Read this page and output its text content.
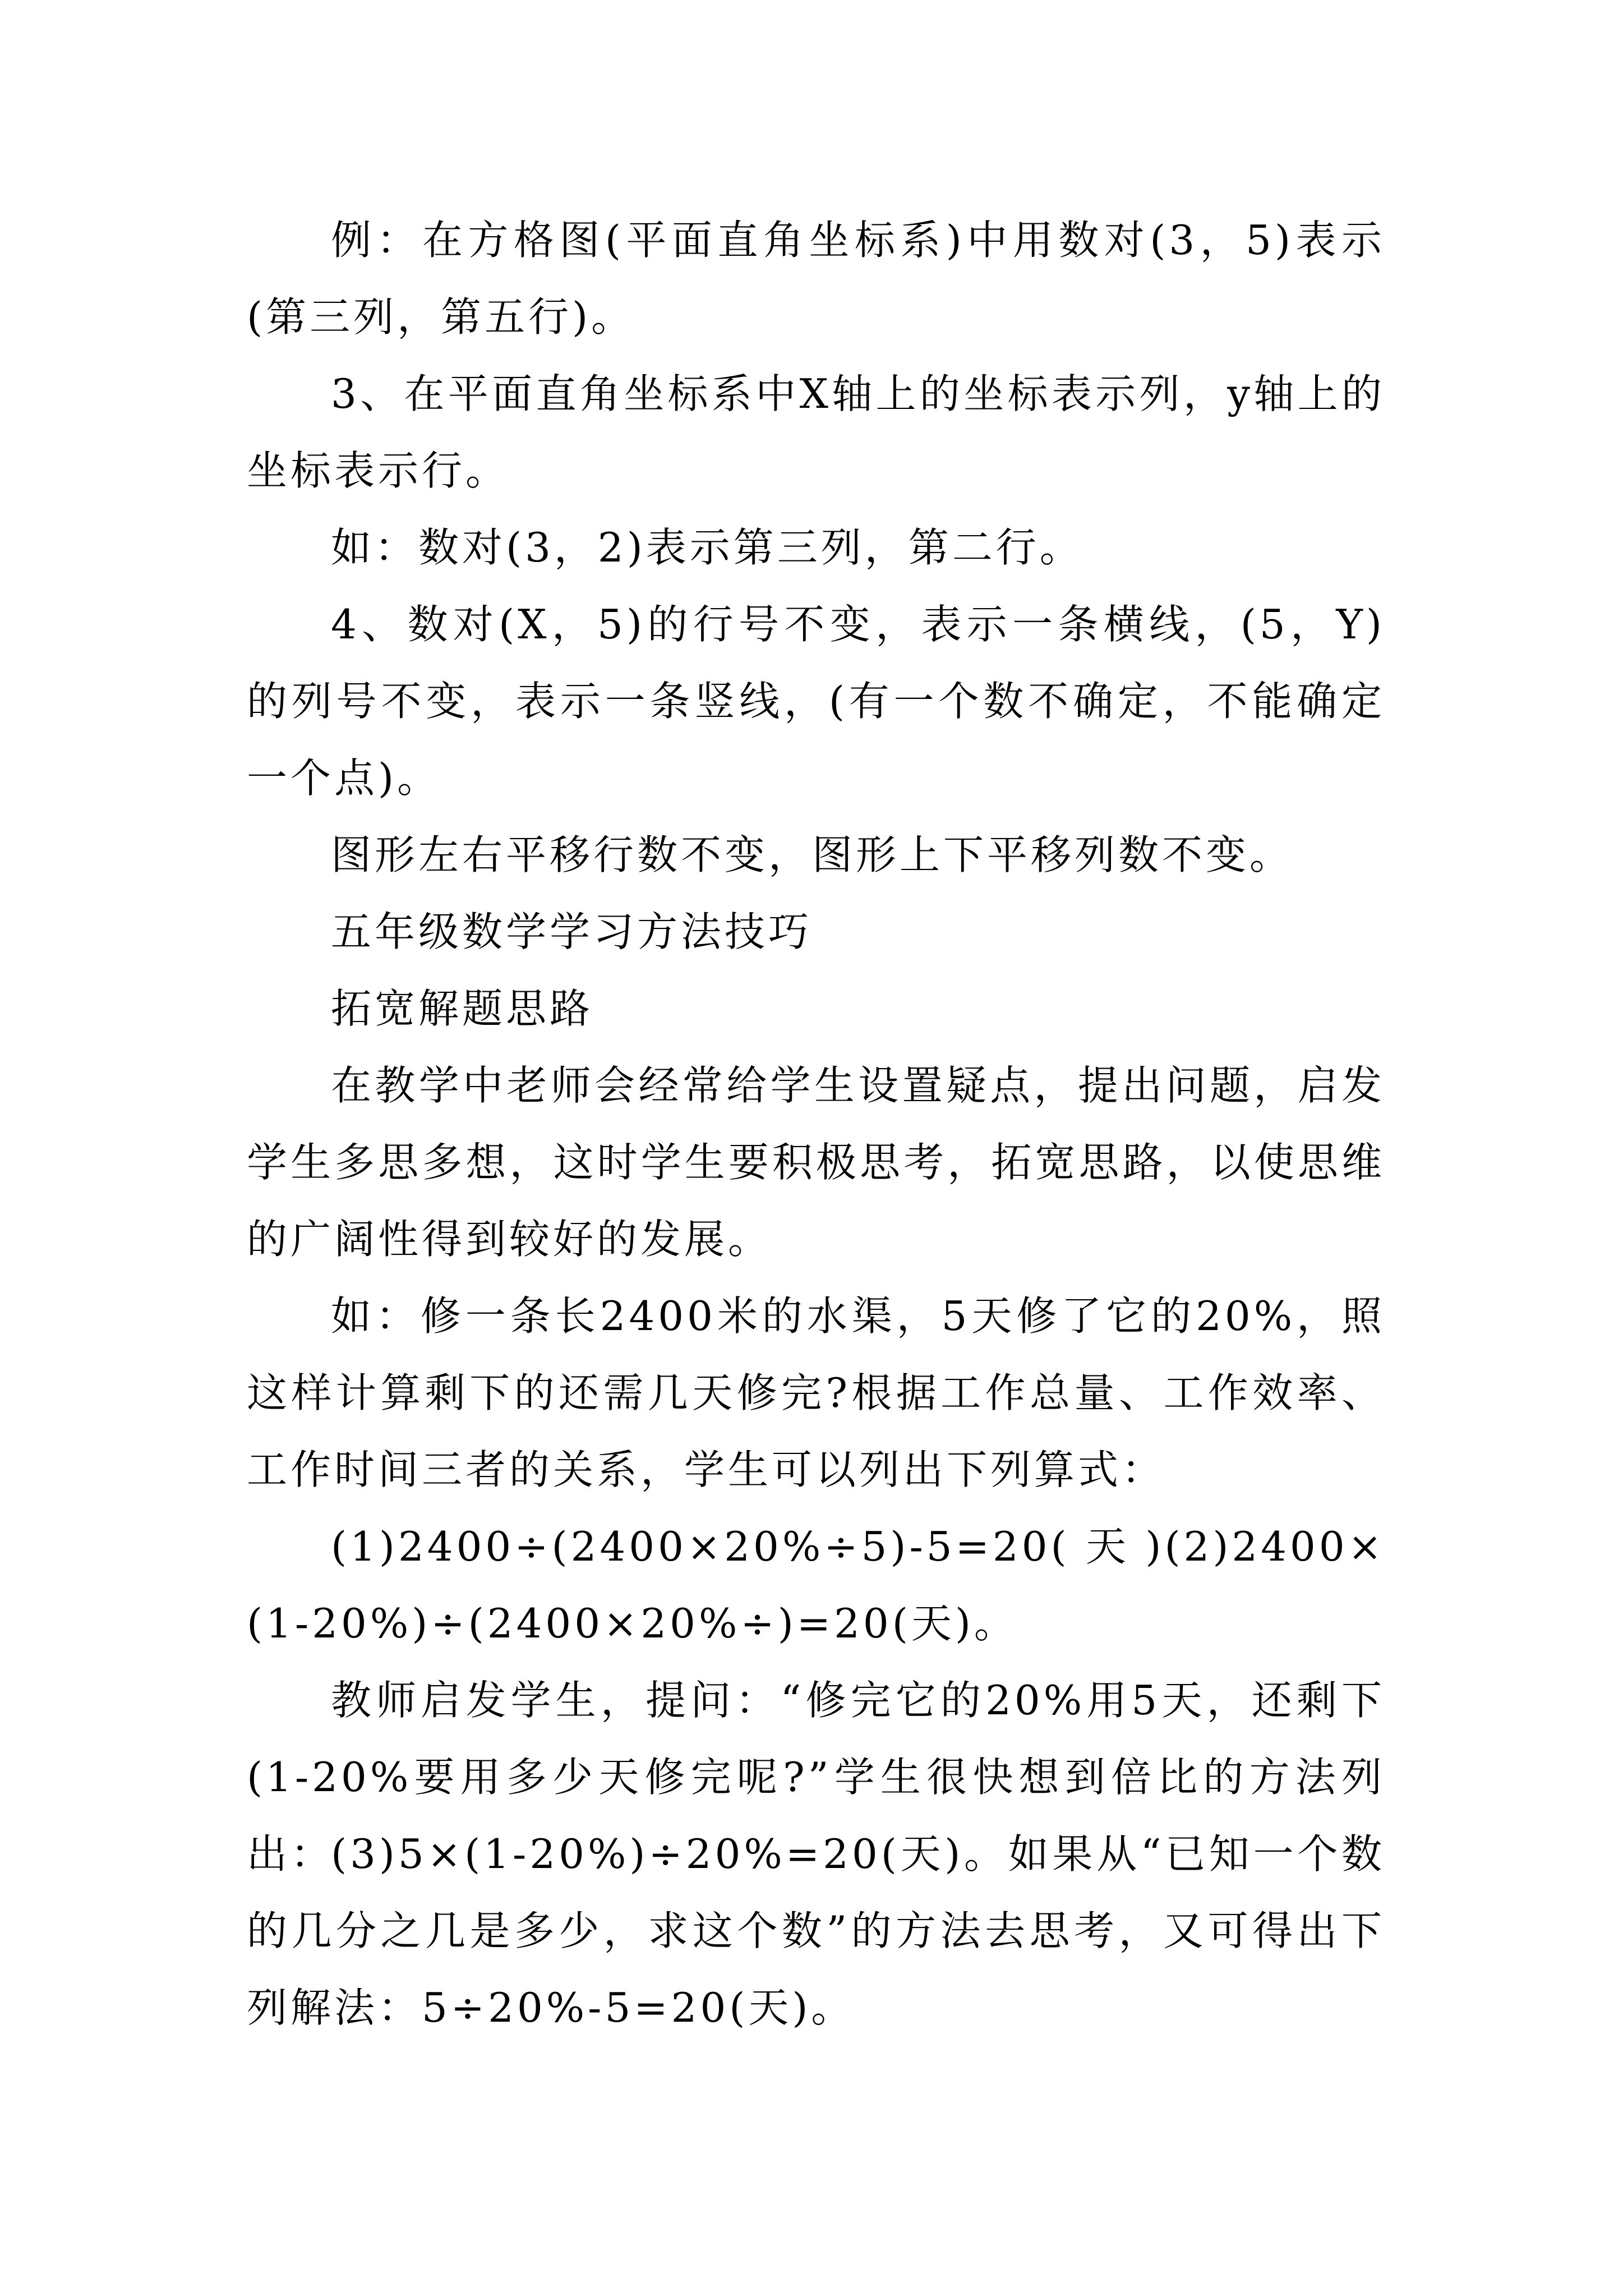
例：在方格图(平面直角坐标系)中用数对(3，5)表示(第三列，第五行)。

3、在平面直角坐标系中X轴上的坐标表示列，y轴上的坐标表示行。

如：数对(3，2)表示第三列，第二行。

4、数对(X，5)的行号不变，表示一条横线，(5，Y)的列号不变，表示一条竖线，(有一个数不确定，不能确定一个点)。

图形左右平移行数不变，图形上下平移列数不变。

五年级数学学习方法技巧

拓宽解题思路

在教学中老师会经常给学生设置疑点，提出问题，启发学生多思多想，这时学生要积极思考，拓宽思路，以使思维的广阔性得到较好的发展。

如：修一条长2400米的水渠，5天修了它的20%，照这样计算剩下的还需几天修完?根据工作总量、工作效率、工作时间三者的关系，学生可以列出下列算式：

(1)2400÷(2400×20%÷5)-5=20(天)(2)2400×(1-20%)÷(2400×20%÷)=20(天)。

教师启发学生，提问：“修完它的20%用5天，还剩下(1-20%要用多少天修完呢?”学生很快想到倍比的方法列出：

(3)5×(1-20%)÷20%=20(天)。如果从“已知一个数的几分之几是多少，求这个数”的方法去思考，又可得出下列解法：5÷20%-5=20(天)。
